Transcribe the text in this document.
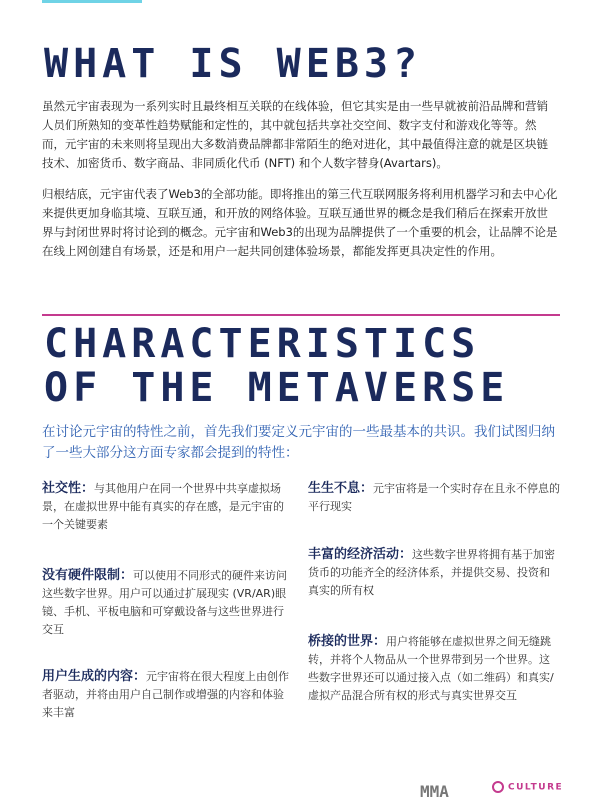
WHAT IS WEB3?

虽然元宇宙表现为一系列实时且最终相互关联的在线体验，但它其实是由一些早就被前沿品牌和营销人员们所熟知的变革性趋势赋能和定性的，其中就包括共享社交空间、数字支付和游戏化等等。然而，元宇宙的未来则将呈现出大多数消费品牌都非常陌生的绝对进化，其中最值得注意的就是区块链技术、加密货币、数字商品、非同质化代币 (NFT) 和个人数字替身(Avartars)。

归根结底，元宇宙代表了Web3的全部功能。即将推出的第三代互联网服务将利用机器学习和去中心化来提供更加身临其境、互联互通，和开放的网络体验。互联互通世界的概念是我们稍后在探索开放世界与封闭世界时将讨论到的概念。元宇宙和Web3的出现为品牌提供了一个重要的机会，让品牌不论是在线上网创建自有场景，还是和用户一起共同创建体验场景，都能发挥更具决定性的作用。

CHARACTERISTICS
OF THE METAVERSE

在讨论元宇宙的特性之前，首先我们要定义元宇宙的一些最基本的共识。我们试图归纳了一些大部分这方面专家都会提到的特性：

社交性：与其他用户在同一个世界中共享虚拟场景，在虚拟世界中能有真实的存在感，是元宇宙的一个关键要素

没有硬件限制：可以使用不同形式的硬件来访问这些数字世界。用户可以通过扩展现实 (VR/AR)眼镜、手机、平板电脑和可穿戴设备与这些世界进行交互

用户生成的内容：元宇宙将在很大程度上由创作者驱动，并将由用户自己制作或增强的内容和体验来丰富

生生不息：元宇宙将是一个实时存在且永不停息的平行现实

丰富的经济活动：这些数字世界将拥有基于加密货币的功能齐全的经济体系，并提供交易、投资和真实的所有权

桥接的世界：用户将能够在虚拟世界之间无缝跳转，并将个人物品从一个世界带到另一个世界。这些数字世界还可以通过接入点（如二维码）和真实/虚拟产品混合所有权的形式与真实世界交互

MMA	CULTURE
